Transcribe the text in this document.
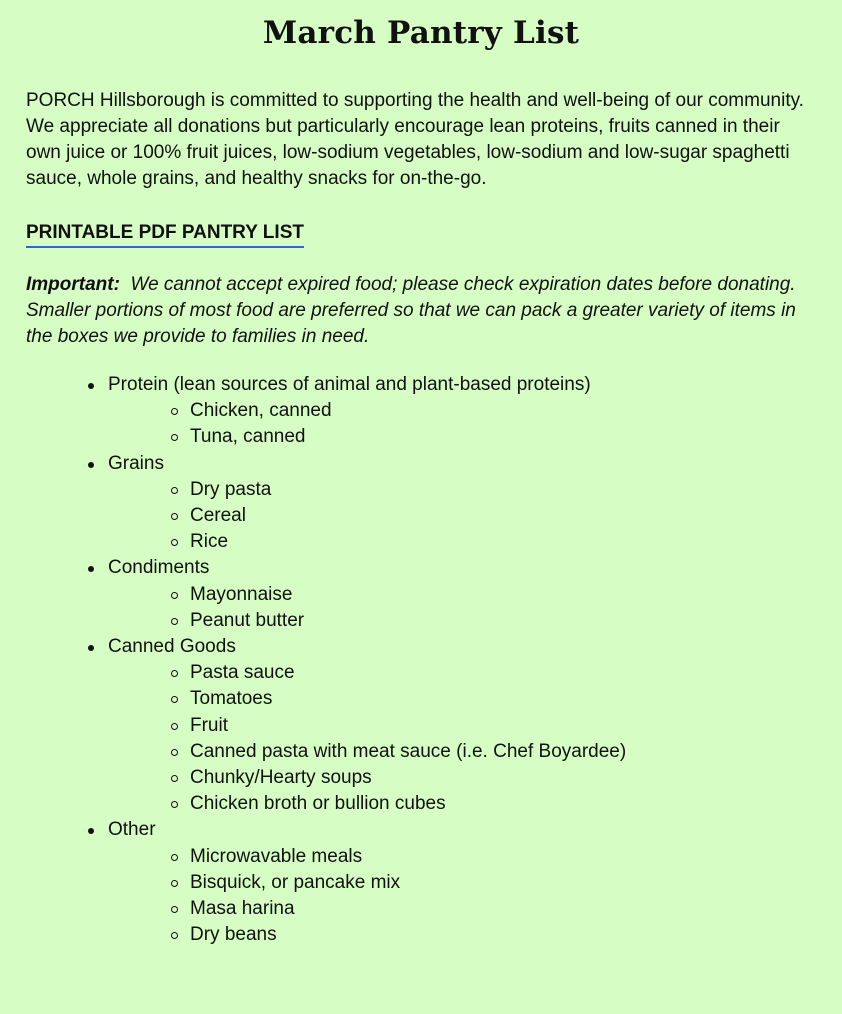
March Pantry List

PORCH Hillsborough is committed to supporting the health and well-being of our community. We appreciate all donations but particularly encourage lean proteins, fruits canned in their own juice or 100% fruit juices, low-sodium vegetables, low-sodium and low-sugar spaghetti sauce, whole grains, and healthy snacks for on-the-go.

PRINTABLE PDF PANTRY LIST

Important: We cannot accept expired food; please check expiration dates before donating. Smaller portions of most food are preferred so that we can pack a greater variety of items in the boxes we provide to families in need.

Protein (lean sources of animal and plant-based proteins)
Chicken, canned
Tuna, canned
Grains
Dry pasta
Cereal
Rice
Condiments
Mayonnaise
Peanut butter
Canned Goods
Pasta sauce
Tomatoes
Fruit
Canned pasta with meat sauce (i.e. Chef Boyardee)
Chunky/Hearty soups
Chicken broth or bullion cubes
Other
Microwavable meals
Bisquick, or pancake mix
Masa harina
Dry beans
